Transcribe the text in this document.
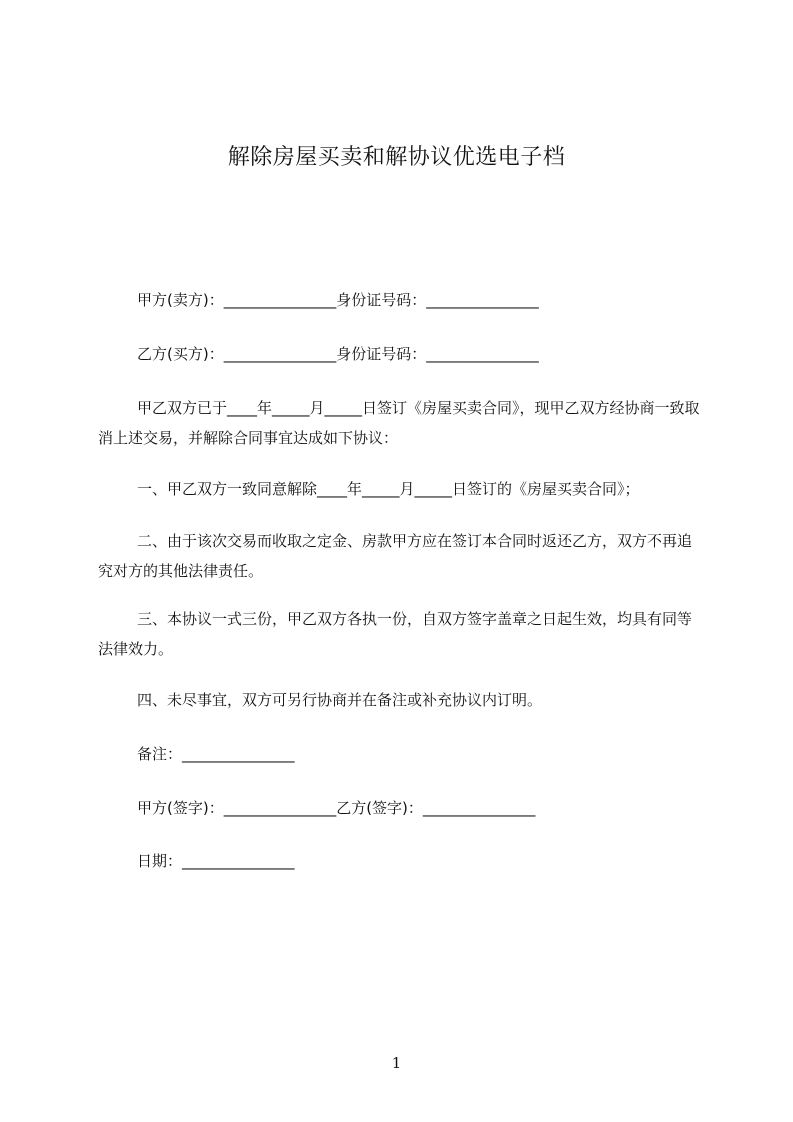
解除房屋买卖和解协议优选电子档
甲方(卖方)：_______________身份证号码：_______________
乙方(买方)：_______________身份证号码：_______________

甲乙双方已于____年_____月_____日签订《房屋买卖合同》，现甲乙双方经协商一致取消上述交易，并解除合同事宜达成如下协议：

一、甲乙双方一致同意解除____年_____月_____日签订的《房屋买卖合同》；

二、由于该次交易而收取之定金、房款甲方应在签订本合同时返还乙方，双方不再追究对方的其他法律责任。

三、本协议一式三份，甲乙双方各执一份，自双方签字盖章之日起生效，均具有同等法律效力。

四、未尽事宜，双方可另行协商并在备注或补充协议内订明。
备注：_______________
甲方(签字)：_______________乙方(签字)：_______________
日期：_______________
1
